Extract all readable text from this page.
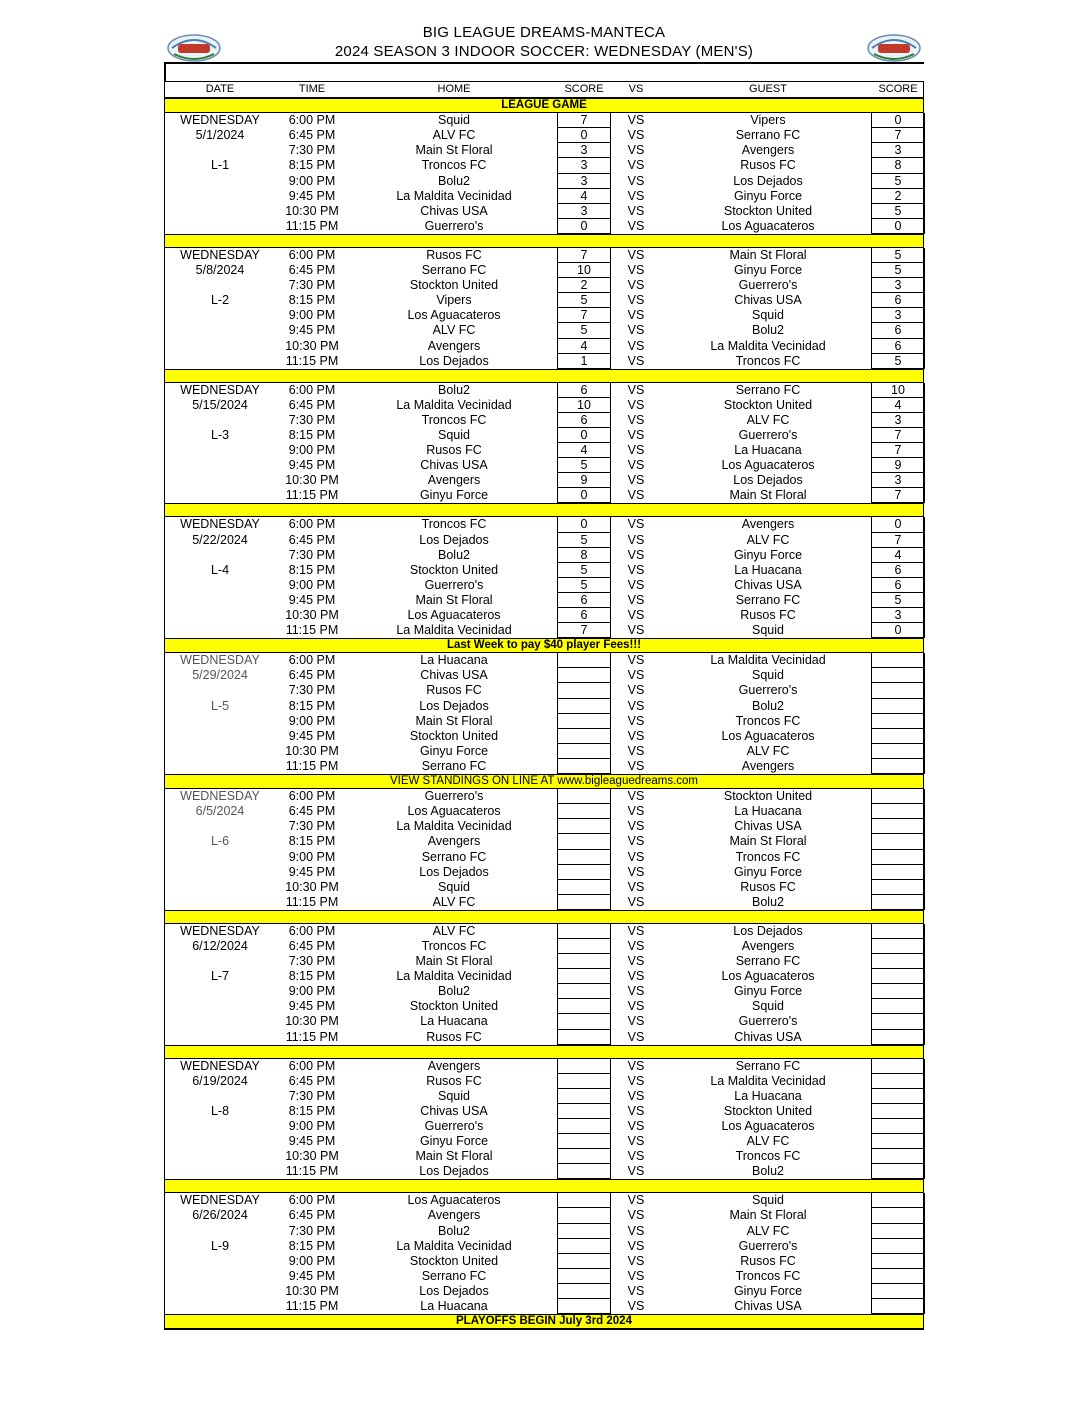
BIG LEAGUE DREAMS-MANTECA
2024 SEASON 3 INDOOR SOCCER: WEDNESDAY (MEN'S)
DATE	TIME	HOME	SCORE	VS	GUEST	SCORE
LEAGUE GAME
WEDNESDAY	6:00 PM	Squid	7	VS	Vipers	0
5/1/2024	6:45 PM	ALV FC	0	VS	Serrano FC	7
7:30 PM	Main St Floral	3	VS	Avengers	3
L-1	8:15 PM	Troncos FC	3	VS	Rusos FC	8
9:00 PM	Bolu2	3	VS	Los Dejados	5
9:45 PM	La Maldita Vecinidad	4	VS	Ginyu Force	2
10:30 PM	Chivas USA	3	VS	Stockton United	5
11:15 PM	Guerrero's	0	VS	Los Aguacateros	0
WEDNESDAY	6:00 PM	Rusos FC	7	VS	Main St Floral	5
5/8/2024	6:45 PM	Serrano FC	10	VS	Ginyu Force	5
7:30 PM	Stockton United	2	VS	Guerrero's	3
L-2	8:15 PM	Vipers	5	VS	Chivas USA	6
9:00 PM	Los Aguacateros	7	VS	Squid	3
9:45 PM	ALV FC	5	VS	Bolu2	6
10:30 PM	Avengers	4	VS	La Maldita Vecinidad	6
11:15 PM	Los Dejados	1	VS	Troncos FC	5
WEDNESDAY	6:00 PM	Bolu2	6	VS	Serrano FC	10
5/15/2024	6:45 PM	La Maldita Vecinidad	10	VS	Stockton United	4
7:30 PM	Troncos FC	6	VS	ALV FC	3
L-3	8:15 PM	Squid	0	VS	Guerrero's	7
9:00 PM	Rusos FC	4	VS	La Huacana	7
9:45 PM	Chivas USA	5	VS	Los Aguacateros	9
10:30 PM	Avengers	9	VS	Los Dejados	3
11:15 PM	Ginyu Force	0	VS	Main St Floral	7
WEDNESDAY	6:00 PM	Troncos FC	0	VS	Avengers	0
5/22/2024	6:45 PM	Los Dejados	5	VS	ALV FC	7
7:30 PM	Bolu2	8	VS	Ginyu Force	4
L-4	8:15 PM	Stockton United	5	VS	La Huacana	6
9:00 PM	Guerrero's	5	VS	Chivas USA	6
9:45 PM	Main St Floral	6	VS	Serrano FC	5
10:30 PM	Los Aguacateros	6	VS	Rusos FC	3
11:15 PM	La Maldita Vecinidad	7	VS	Squid	0
Last Week to pay $40 player Fees!!!
WEDNESDAY	6:00 PM	La Huacana	VS	La Maldita Vecinidad
5/29/2024	6:45 PM	Chivas USA	VS	Squid
7:30 PM	Rusos FC	VS	Guerrero's
L-5	8:15 PM	Los Dejados	VS	Bolu2
9:00 PM	Main St Floral	VS	Troncos FC
9:45 PM	Stockton United	VS	Los Aguacateros
10:30 PM	Ginyu Force	VS	ALV FC
11:15 PM	Serrano FC	VS	Avengers
VIEW STANDINGS ON LINE AT www.bigleaguedreams.com
WEDNESDAY	6:00 PM	Guerrero's	VS	Stockton United
6/5/2024	6:45 PM	Los Aguacateros	VS	La Huacana
7:30 PM	La Maldita Vecinidad	VS	Chivas USA
L-6	8:15 PM	Avengers	VS	Main St Floral
9:00 PM	Serrano FC	VS	Troncos FC
9:45 PM	Los Dejados	VS	Ginyu Force
10:30 PM	Squid	VS	Rusos FC
11:15 PM	ALV FC	VS	Bolu2
WEDNESDAY	6:00 PM	ALV FC	VS	Los Dejados
6/12/2024	6:45 PM	Troncos FC	VS	Avengers
7:30 PM	Main St Floral	VS	Serrano FC
L-7	8:15 PM	La Maldita Vecinidad	VS	Los Aguacateros
9:00 PM	Bolu2	VS	Ginyu Force
9:45 PM	Stockton United	VS	Squid
10:30 PM	La Huacana	VS	Guerrero's
11:15 PM	Rusos FC	VS	Chivas USA
WEDNESDAY	6:00 PM	Avengers	VS	Serrano FC
6/19/2024	6:45 PM	Rusos FC	VS	La Maldita Vecinidad
7:30 PM	Squid	VS	La Huacana
L-8	8:15 PM	Chivas USA	VS	Stockton United
9:00 PM	Guerrero's	VS	Los Aguacateros
9:45 PM	Ginyu Force	VS	ALV FC
10:30 PM	Main St Floral	VS	Troncos FC
11:15 PM	Los Dejados	VS	Bolu2
WEDNESDAY	6:00 PM	Los Aguacateros	VS	Squid
6/26/2024	6:45 PM	Avengers	VS	Main St Floral
7:30 PM	Bolu2	VS	ALV FC
L-9	8:15 PM	La Maldita Vecinidad	VS	Guerrero's
9:00 PM	Stockton United	VS	Rusos FC
9:45 PM	Serrano FC	VS	Troncos FC
10:30 PM	Los Dejados	VS	Ginyu Force
11:15 PM	La Huacana	VS	Chivas USA
PLAYOFFS BEGIN July 3rd 2024
